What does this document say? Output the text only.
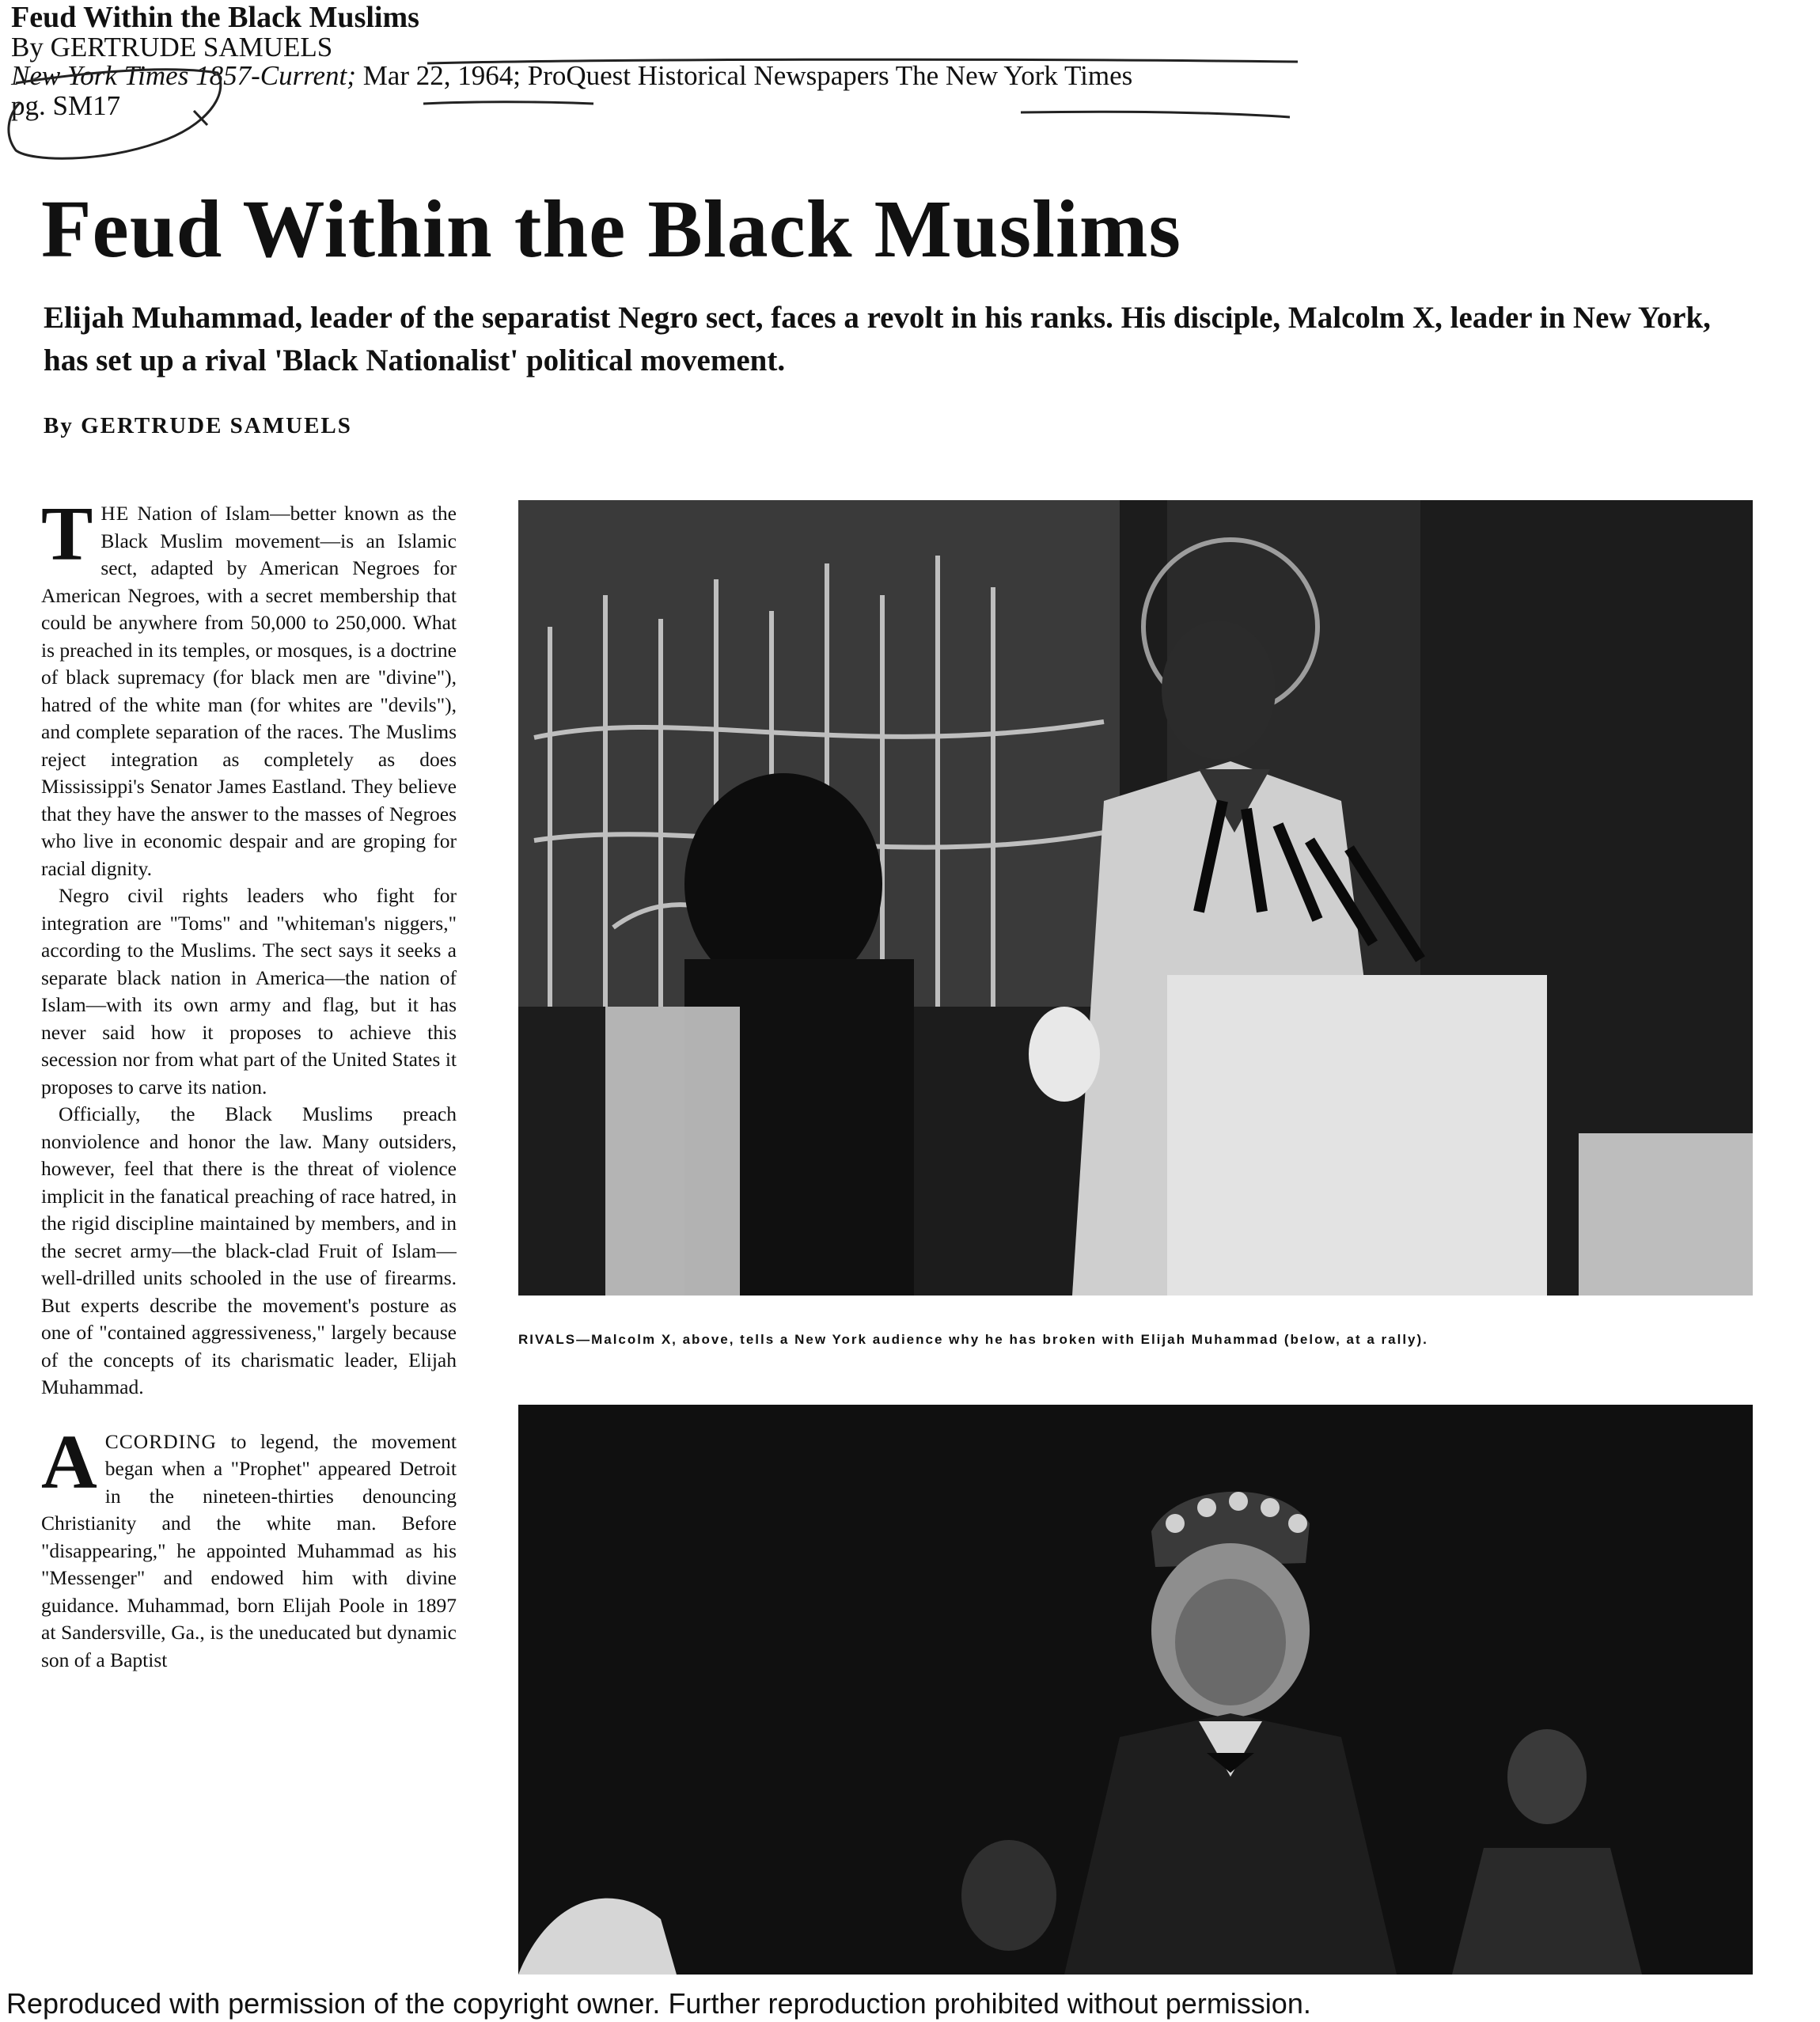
Feud Within the Black Muslims
By GERTRUDE SAMUELS
New York Times 1857-Current; Mar 22, 1964; ProQuest Historical Newspapers The New York Times
pg. SM17
Feud Within the Black Muslims
Elijah Muhammad, leader of the separatist Negro sect, faces a revolt in his ranks. His disciple, Malcolm X, leader in New York, has set up a rival 'Black Nationalist' political movement.
By GERTRUDE SAMUELS

THE Nation of Islam—better known as the Black Muslim movement—is an Islamic sect, adapted by American Negroes for American Negroes, with a secret membership that could be anywhere from 50,000 to 250,000. What is preached in its temples, or mosques, is a doctrine of black supremacy (for black men are "divine"), hatred of the white man (for whites are "devils"), and complete separation of the races. The Muslims reject integration as completely as does Mississippi's Senator James Eastland. They believe that they have the answer to the masses of Negroes who live in economic despair and are groping for racial dignity.

Negro civil rights leaders who fight for integration are "Toms" and "whiteman's niggers," according to the Muslims. The sect says it seeks a separate black nation in America—the nation of Islam—with its own army and flag, but it has never said how it proposes to achieve this secession nor from what part of the United States it proposes to carve its nation.

Officially, the Black Muslims preach nonviolence and honor the law. Many outsiders, however, feel that there is the threat of violence implicit in the fanatical preaching of race hatred, in the rigid discipline maintained by members, and in the secret army—the black-clad Fruit of Islam—well-drilled units schooled in the use of firearms. But experts describe the movement's posture as one of "contained aggressiveness," largely because of the concepts of its charismatic leader, Elijah Muhammad.

ACCORDING to legend, the movement began when a "Prophet" appeared Detroit in the nineteen-thirties denouncing Christianity and the white man. Before "disappearing," he appointed Muhammad as his "Messenger" and endowed him with divine guidance. Muhammad, born Elijah Poole in 1897 at Sandersville, Ga., is the uneducated but dynamic son of a Baptist

RIVALS—Malcolm X, above, tells a New York audience why he has broken with Elijah Muhammad (below, at a rally).
Reproduced with permission of the copyright owner. Further reproduction prohibited without permission.
